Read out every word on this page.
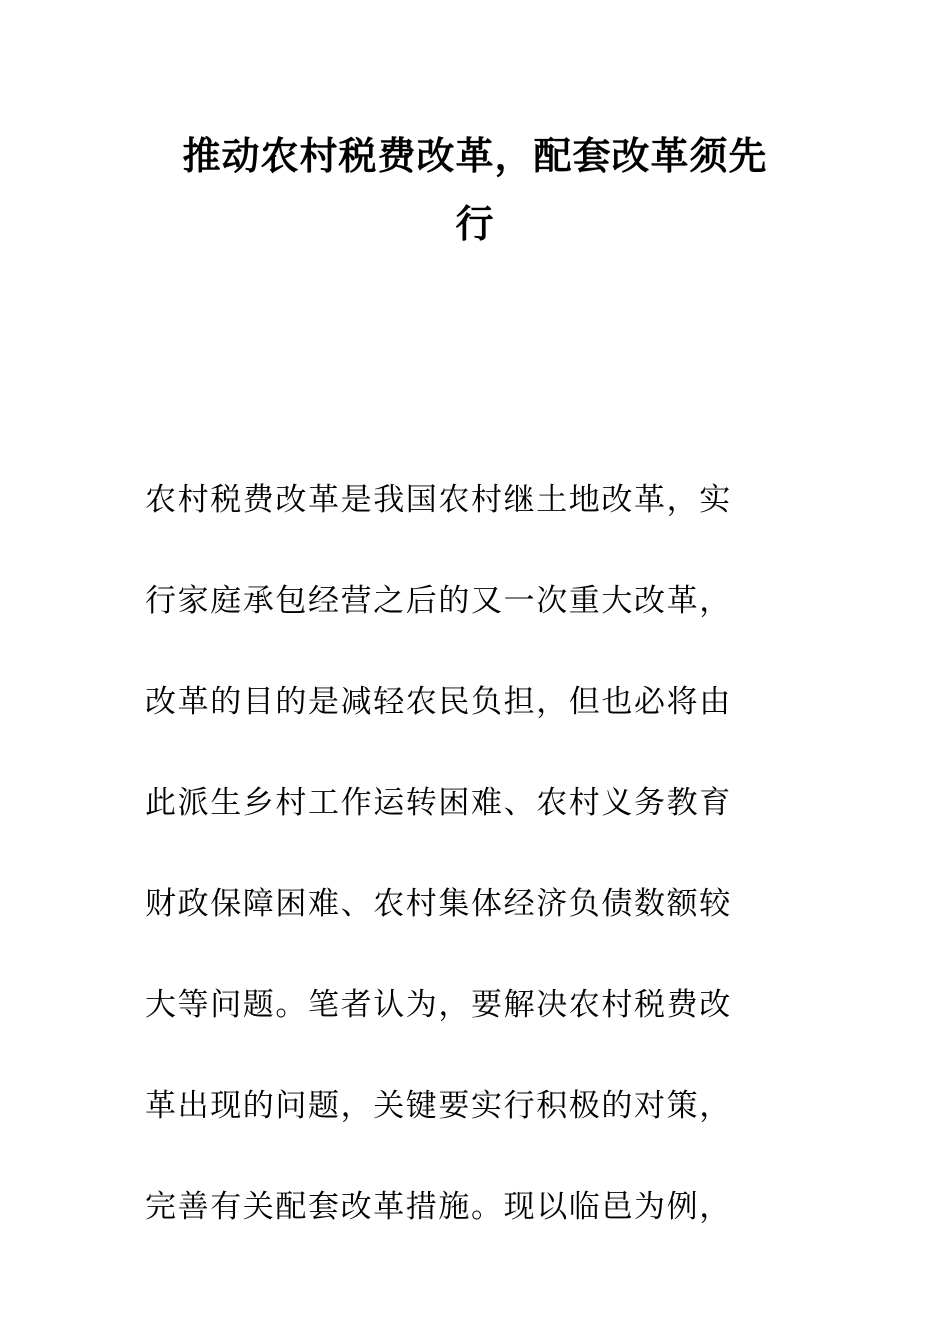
推动农村税费改革，配套改革须先
行
农村税费改革是我国农村继土地改革，实
行家庭承包经营之后的又一次重大改革，
改革的目的是减轻农民负担，但也必将由
此派生乡村工作运转困难、农村义务教育
财政保障困难、农村集体经济负债数额较
大等问题。笔者认为，要解决农村税费改
革出现的问题，关键要实行积极的对策，
完善有关配套改革措施。现以临邑为例，
